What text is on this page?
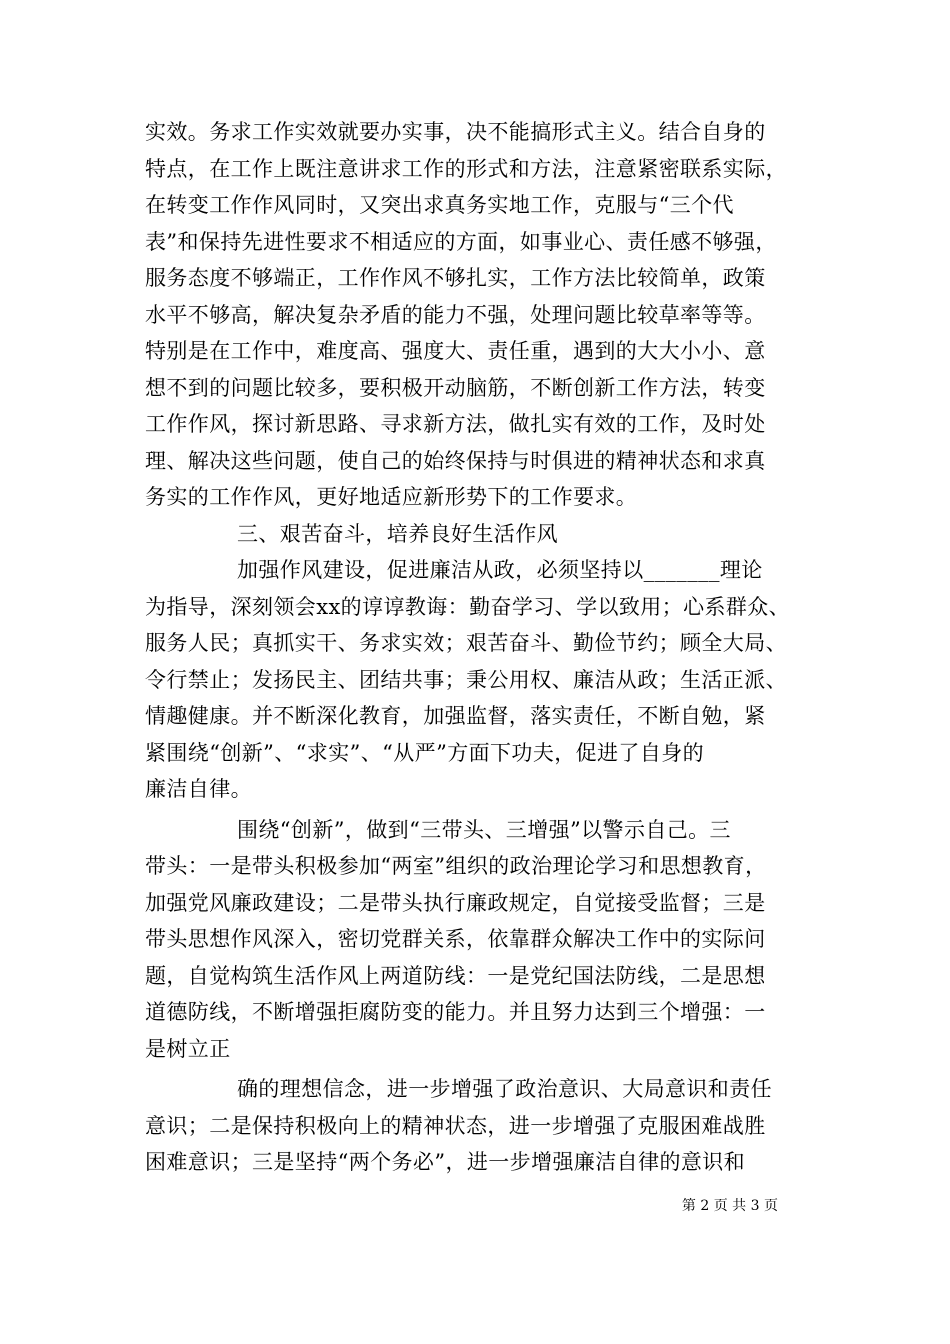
实效。务求工作实效就要办实事，决不能搞形式主义。结合自身的
特点，在工作上既注意讲求工作的形式和方法，注意紧密联系实际，
在转变工作作风同时，又突出求真务实地工作，克服与“三个代
表”和保持先进性要求不相适应的方面，如事业心、责任感不够强，
服务态度不够端正，工作作风不够扎实，工作方法比较简单，政策
水平不够高，解决复杂矛盾的能力不强，处理问题比较草率等等。
特别是在工作中，难度高、强度大、责任重，遇到的大大小小、意
想不到的问题比较多，要积极开动脑筋，不断创新工作方法，转变
工作作风，探讨新思路、寻求新方法，做扎实有效的工作，及时处
理、解决这些问题，使自己的始终保持与时俱进的精神状态和求真
务实的工作作风，更好地适应新形势下的工作要求。
三、艰苦奋斗，培养良好生活作风
加强作风建设，促进廉洁从政，必须坚持以_______理论
为指导，深刻领会xx的谆谆教诲：勤奋学习、学以致用；心系群众、
服务人民；真抓实干、务求实效；艰苦奋斗、勤俭节约；顾全大局、
令行禁止；发扬民主、团结共事；秉公用权、廉洁从政；生活正派、
情趣健康。并不断深化教育，加强监督，落实责任，不断自勉，紧
紧围绕“创新”、“求实”、“从严”方面下功夫，促进了自身的
廉洁自律。
围绕“创新”，做到“三带头、三增强”以警示自己。三
带头：一是带头积极参加“两室”组织的政治理论学习和思想教育，
加强党风廉政建设；二是带头执行廉政规定，自觉接受监督；三是
带头思想作风深入，密切党群关系，依靠群众解决工作中的实际问
题，自觉构筑生活作风上两道防线：一是党纪国法防线，二是思想
道德防线，不断增强拒腐防变的能力。并且努力达到三个增强：一
是树立正
确的理想信念，进一步增强了政治意识、大局意识和责任
意识；二是保持积极向上的精神状态，进一步增强了克服困难战胜
困难意识；三是坚持“两个务必”，进一步增强廉洁自律的意识和
第 2 页 共 3 页
